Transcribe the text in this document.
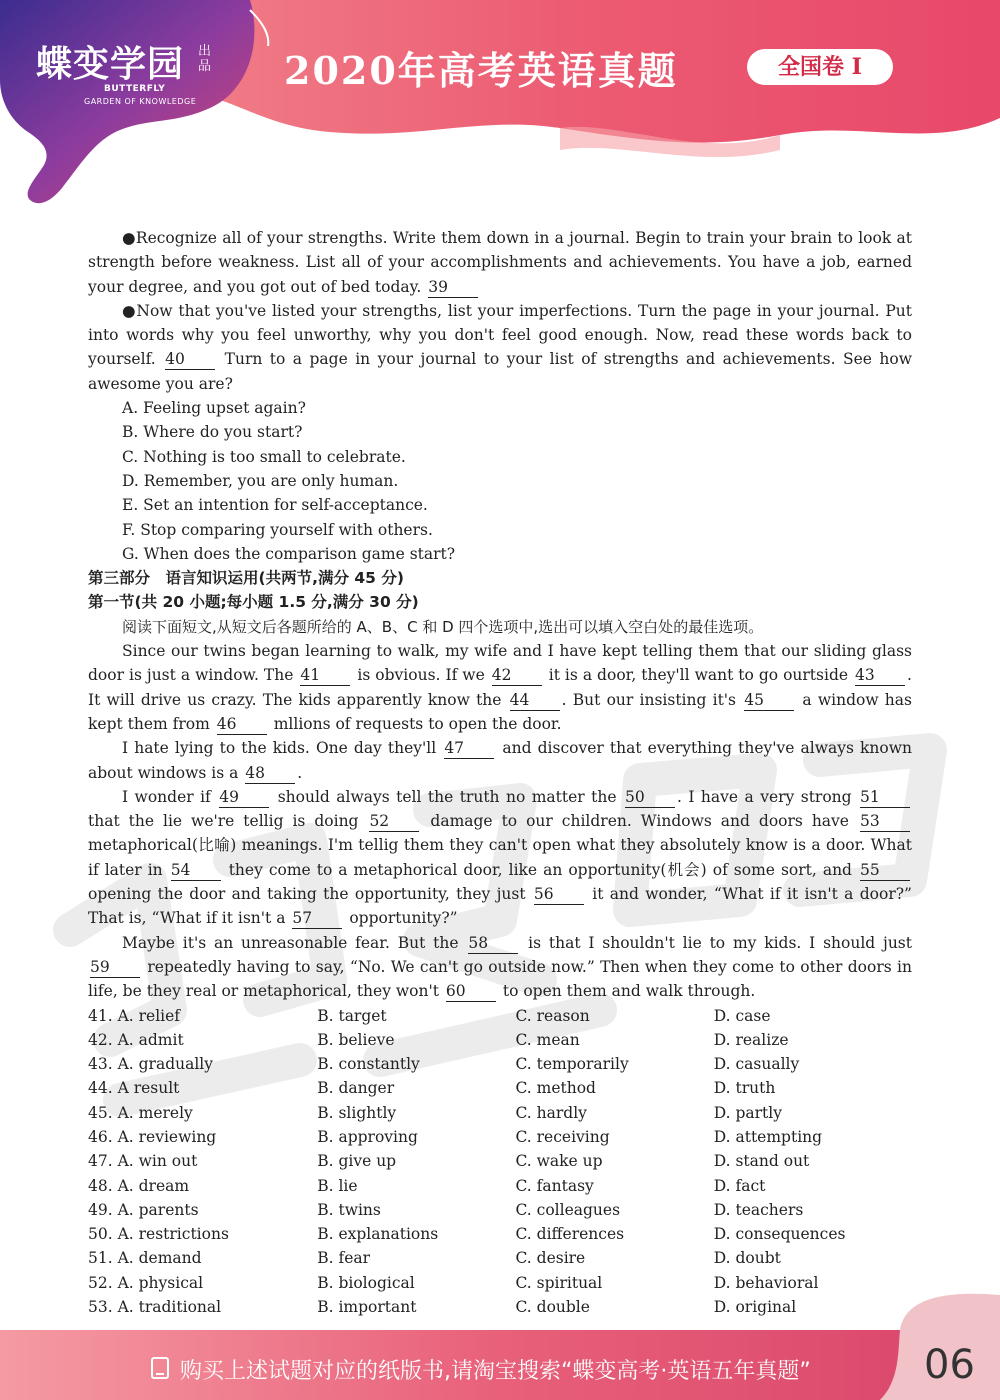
蝶变学园 出品
BUTTERFLY
GARDEN OF KNOWLEDGE
2020年高考英语真题	全国卷 I

●Recognize all of your strengths. Write them down in a journal. Begin to train your brain to look at strength before weakness. List all of your accomplishments and achievements. You have a job, earned your degree, and you got out of bed today. 39

●Now that you've listed your strengths, list your imperfections. Turn the page in your journal. Put into words why you feel unworthy, why you don't feel good enough. Now, read these words back to yourself. 40	Turn to a page in your journal to your list of strengths and achievements. See how awesome you are?

A. Feeling upset again?

B. Where do you start?

C. Nothing is too small to celebrate.

D. Remember, you are only human.

E. Set an intention for self-acceptance.

F. Stop comparing yourself with others.

G. When does the comparison game start?

第三部分　语言知识运用(共两节,满分 45 分)

第一节(共 20 小题;每小题 1.5 分,满分 30 分)

阅读下面短文,从短文后各题所给的 A、B、C 和 D 四个选项中,选出可以填入空白处的最佳选项。

Since our twins began learning to walk, my wife and I have kept telling them that our sliding glass door is just a window. The 41 is obvious. If we 42 it is a door, they'll want to go ourtside 43 . It will drive us crazy. The kids apparently know the 44 . But our insisting it's 45 a window has kept them from 46 mllions of requests to open the door.

I hate lying to the kids. One day they'll 47 and discover that everything they've always known about windows is a 48 .

I wonder if 49 should always tell the truth no matter the 50 . I have a very strong 51 that the lie we're tellig is doing 52	damage to our children. Windows and doors have 53 metaphorical(比喻) meanings. I'm tellig them they can't open what they absolutely know is a door. What if later in 54 they come to a metaphorical door, like an opportunity(机会) of some sort, and 55 opening the door and taking the opportunity, they just 56 it and wonder, “What if it isn't a door?” That is, “What if it isn't a 57 opportunity?”

Maybe it's an unreasonable fear. But the 58	is that I shouldn't lie to my kids. I should just 59 repeatedly having to say, “No. We can't go outside now.” Then when they come to other doors in life, be they real or metaphorical, they won't 60 to open them and walk through.

41. A. relief	B. target	C. reason	D. case
42. A. admit	B. believe	C. mean	D. realize
43. A. gradually	B. constantly	C. temporarily	D. casually
44. A result	B. danger	C. method	D. truth
45. A. merely	B. slightly	C. hardly	D. partly
46. A. reviewing	B. approving	C. receiving	D. attempting
47. A. win out	B. give up	C. wake up	D. stand out
48. A. dream	B. lie	C. fantasy	D. fact
49. A. parents	B. twins	C. colleagues	D. teachers
50. A. restrictions	B. explanations	C. differences	D. consequences
51. A. demand	B. fear	C. desire	D. doubt
52. A. physical	B. biological	C. spiritual	D. behavioral
53. A. traditional	B. important	C. double	D. original
购买上述试题对应的纸版书,请淘宝搜索“蝶变高考·英语五年真题”	06
